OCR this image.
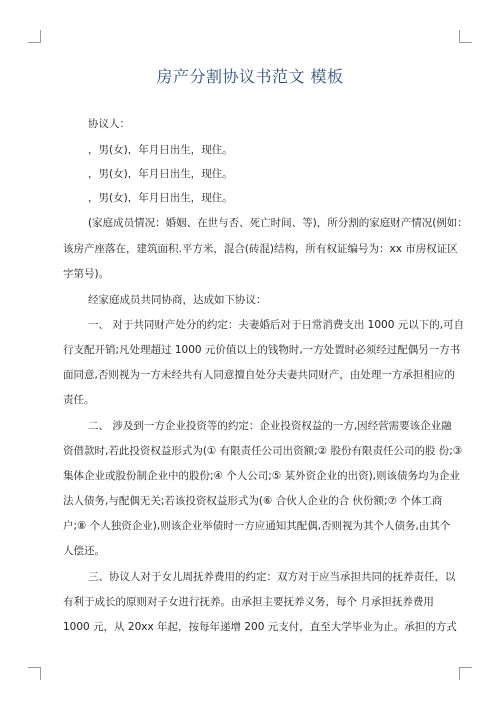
房产分割协议书范文 模板
协议人：
，男(女)，年月日出生，现住。
，男(女)，年月日出生，现住。
，男(女)，年月日出生，现住。
(家庭成员情况：婚姻、在世与否、死亡时间、等)，所分割的家庭财产情况(例如：
该房产座落在，建筑面积.平方米，混合(砖混)结构，所有权证编号为：xx 市房权证区
字第号)。
经家庭成员共同协商，达成如下协议：
一、 对于共同财产处分的约定：夫妻婚后对于日常消费支出 1000 元以下的,可自
行支配开销;凡处理超过 1000 元价值以上的钱物时,一方处置时必须经过配偶另一方书
面同意,否则视为一方未经共有人同意擅自处分夫妻共同财产，由处理一方承担相应的
责任。
二、 涉及到一方企业投资等的约定：企业投资权益的一方,因经营需要该企业融
资借款时,若此投资权益形式为(① 有限责任公司出资额;② 股份有限责任公司的股 份;③
集体企业或股份制企业中的股份;④ 个人公司;⑤ 某外资企业的出资),则该债务均为企业
法人债务,与配偶无关;若该投资权益形式为(⑥ 合伙人企业的合 伙份额;⑦ 个体工商
户;⑧ 个人独资企业),则该企业举债时一方应通知其配偶,否则视为其个人债务,由其个
人偿还。
三、协议人对于女儿周抚养费用的约定：双方对于应当承担共同的抚养责任，以
有利于成长的原则对子女进行抚养。由承担主要抚养义务，每个 月承担抚养费用
1000 元，从 20xx 年起，按每年递增 200 元支付，直至大学毕业为止。承担的方式
